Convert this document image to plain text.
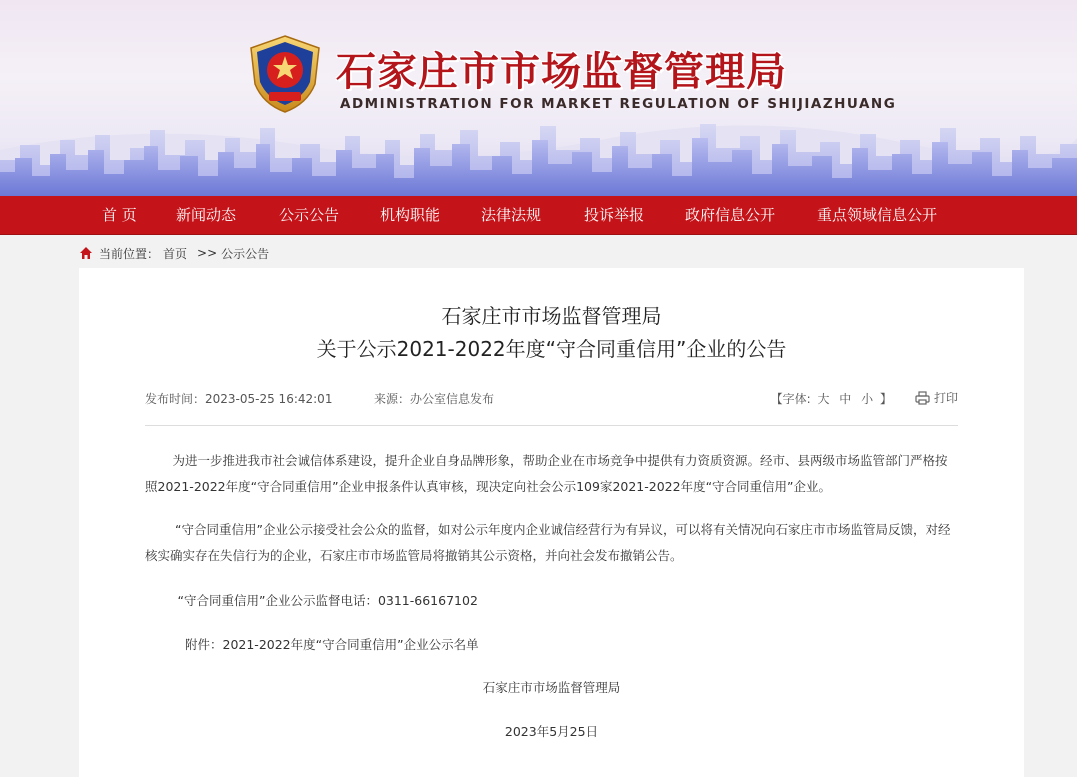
石家庄市市场监督管理局
ADMINISTRATION FOR MARKET REGULATION OF SHIJIAZHUANG
首 页	新闻动态	公示公告	机构职能	法律法规	投诉举报	政府信息公开	重点领域信息公开
当前位置： 首页 >> 公示公告
石家庄市市场监督管理局
关于公示2021-2022年度“守合同重信用”企业的公告
发布时间：2023-05-25 16:42:01	来源：办公室信息发布	【字体: 大 中 小 】	打印
为进一步推进我市社会诚信体系建设，提升企业自身品牌形象，帮助企业在市场竞争中提供有力资质资源。经市、县两级市场监管部门严格按照2021-2022年度“守合同重信用”企业申报条件认真审核，现决定向社会公示109家2021-2022年度“守合同重信用”企业。
“守合同重信用”企业公示接受社会公众的监督，如对公示年度内企业诚信经营行为有异议，可以将有关情况向石家庄市市场监管局反馈，对经核实确实存在失信行为的企业，石家庄市市场监管局将撤销其公示资格，并向社会发布撤销公告。
“守合同重信用”企业公示监督电话：0311-66167102
附件：2021-2022年度“守合同重信用”企业公示名单
石家庄市市场监督管理局
2023年5月25日
